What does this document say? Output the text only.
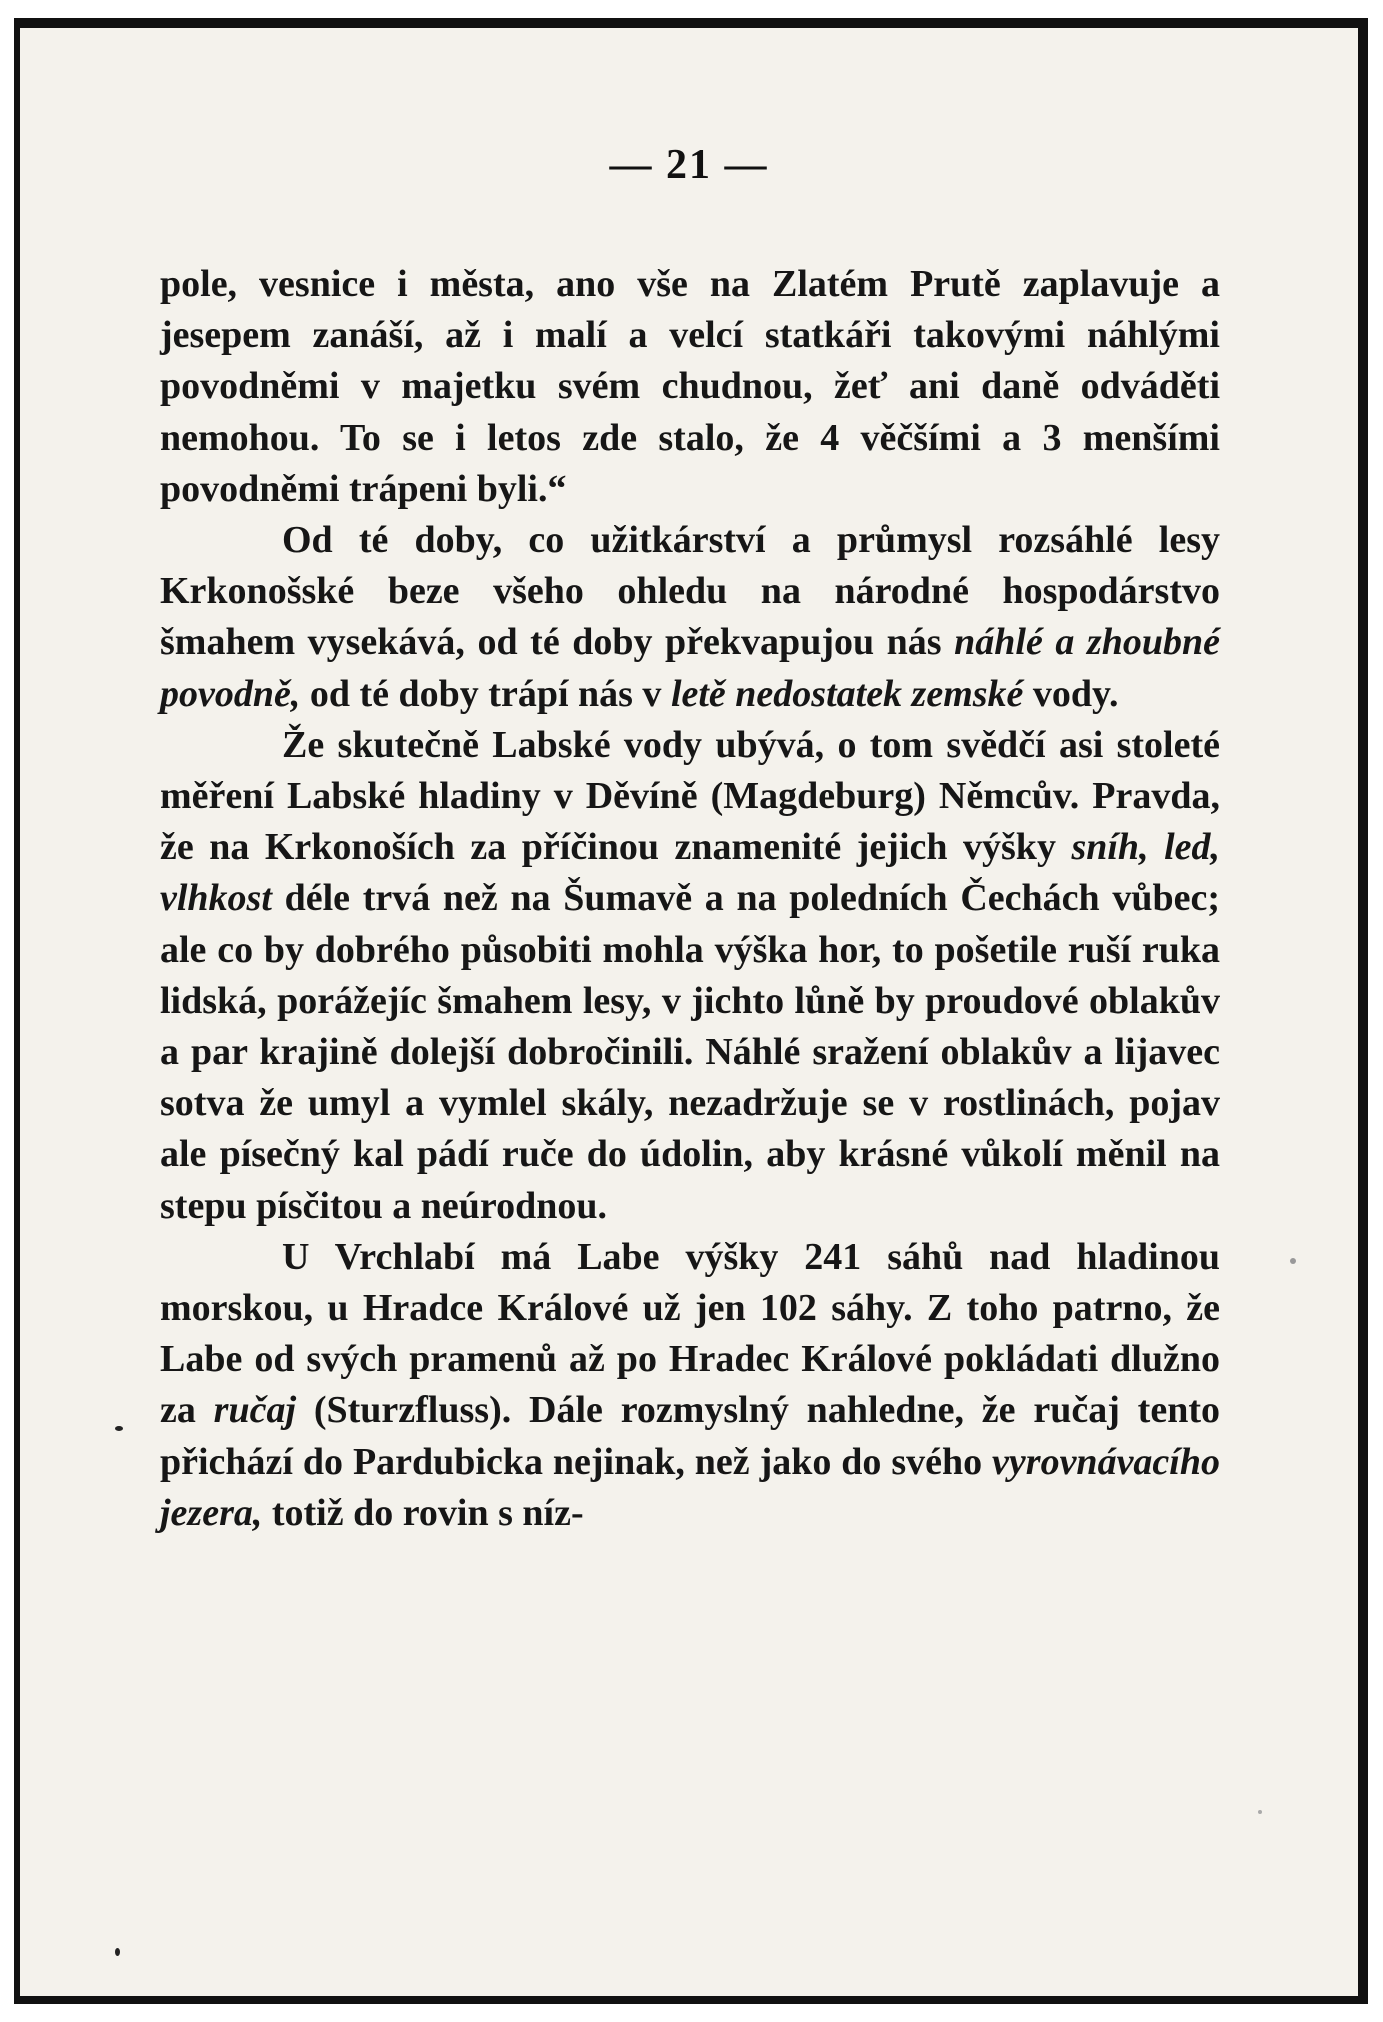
— 21 —

pole, vesnice i města, ano vše na Zlatém Prutě zaplavuje a jesepem zanáší, až i malí a velcí statkáři takovými náhlými povodněmi v majetku svém chudnou, žeť ani daně odváděti nemohou. To se i letos zde stalo, že 4 věčšími a 3 menšími povodněmi trápeni byli.“

Od té doby, co užitkárství a průmysl rozsáhlé lesy Krkonošské beze všeho ohledu na národné hospodárstvo šmahem vysekává, od té doby překvapujou nás náhlé a zhoubné povodně, od té doby trápí nás v letě nedostatek zemské vody.

Že skutečně Labské vody ubývá, o tom svědčí asi stoleté měření Labské hladiny v Děvíně (Magdeburg) Němcův. Pravda, že na Krkonoších za příčinou znamenité jejich výšky sníh, led, vlhkost déle trvá než na Šumavě a na poledních Čechách vůbec; ale co by dobrého působiti mohla výška hor, to pošetile ruší ruka lidská, porážejíc šmahem lesy, v jichto lůně by proudové oblakův a par krajině dolejší dobročinili. Náhlé sražení oblakův a lijavec sotva že umyl a vymlel skály, nezadržuje se v rostlinách, pojav ale písečný kal pádí ruče do údolin, aby krásné vůkolí měnil na stepu písčitou a neúrodnou.

U Vrchlabí má Labe výšky 241 sáhů nad hladinou morskou, u Hradce Králové už jen 102 sáhy. Z toho patrno, že Labe od svých pramenů až po Hradec Králové pokládati dlužno za ručaj (Sturzfluss). Dále rozmyslný nahledne, že ručaj tento přichází do Pardubicka nejinak, než jako do svého vyrovnávacího jezera, totiž do rovin s níz-
